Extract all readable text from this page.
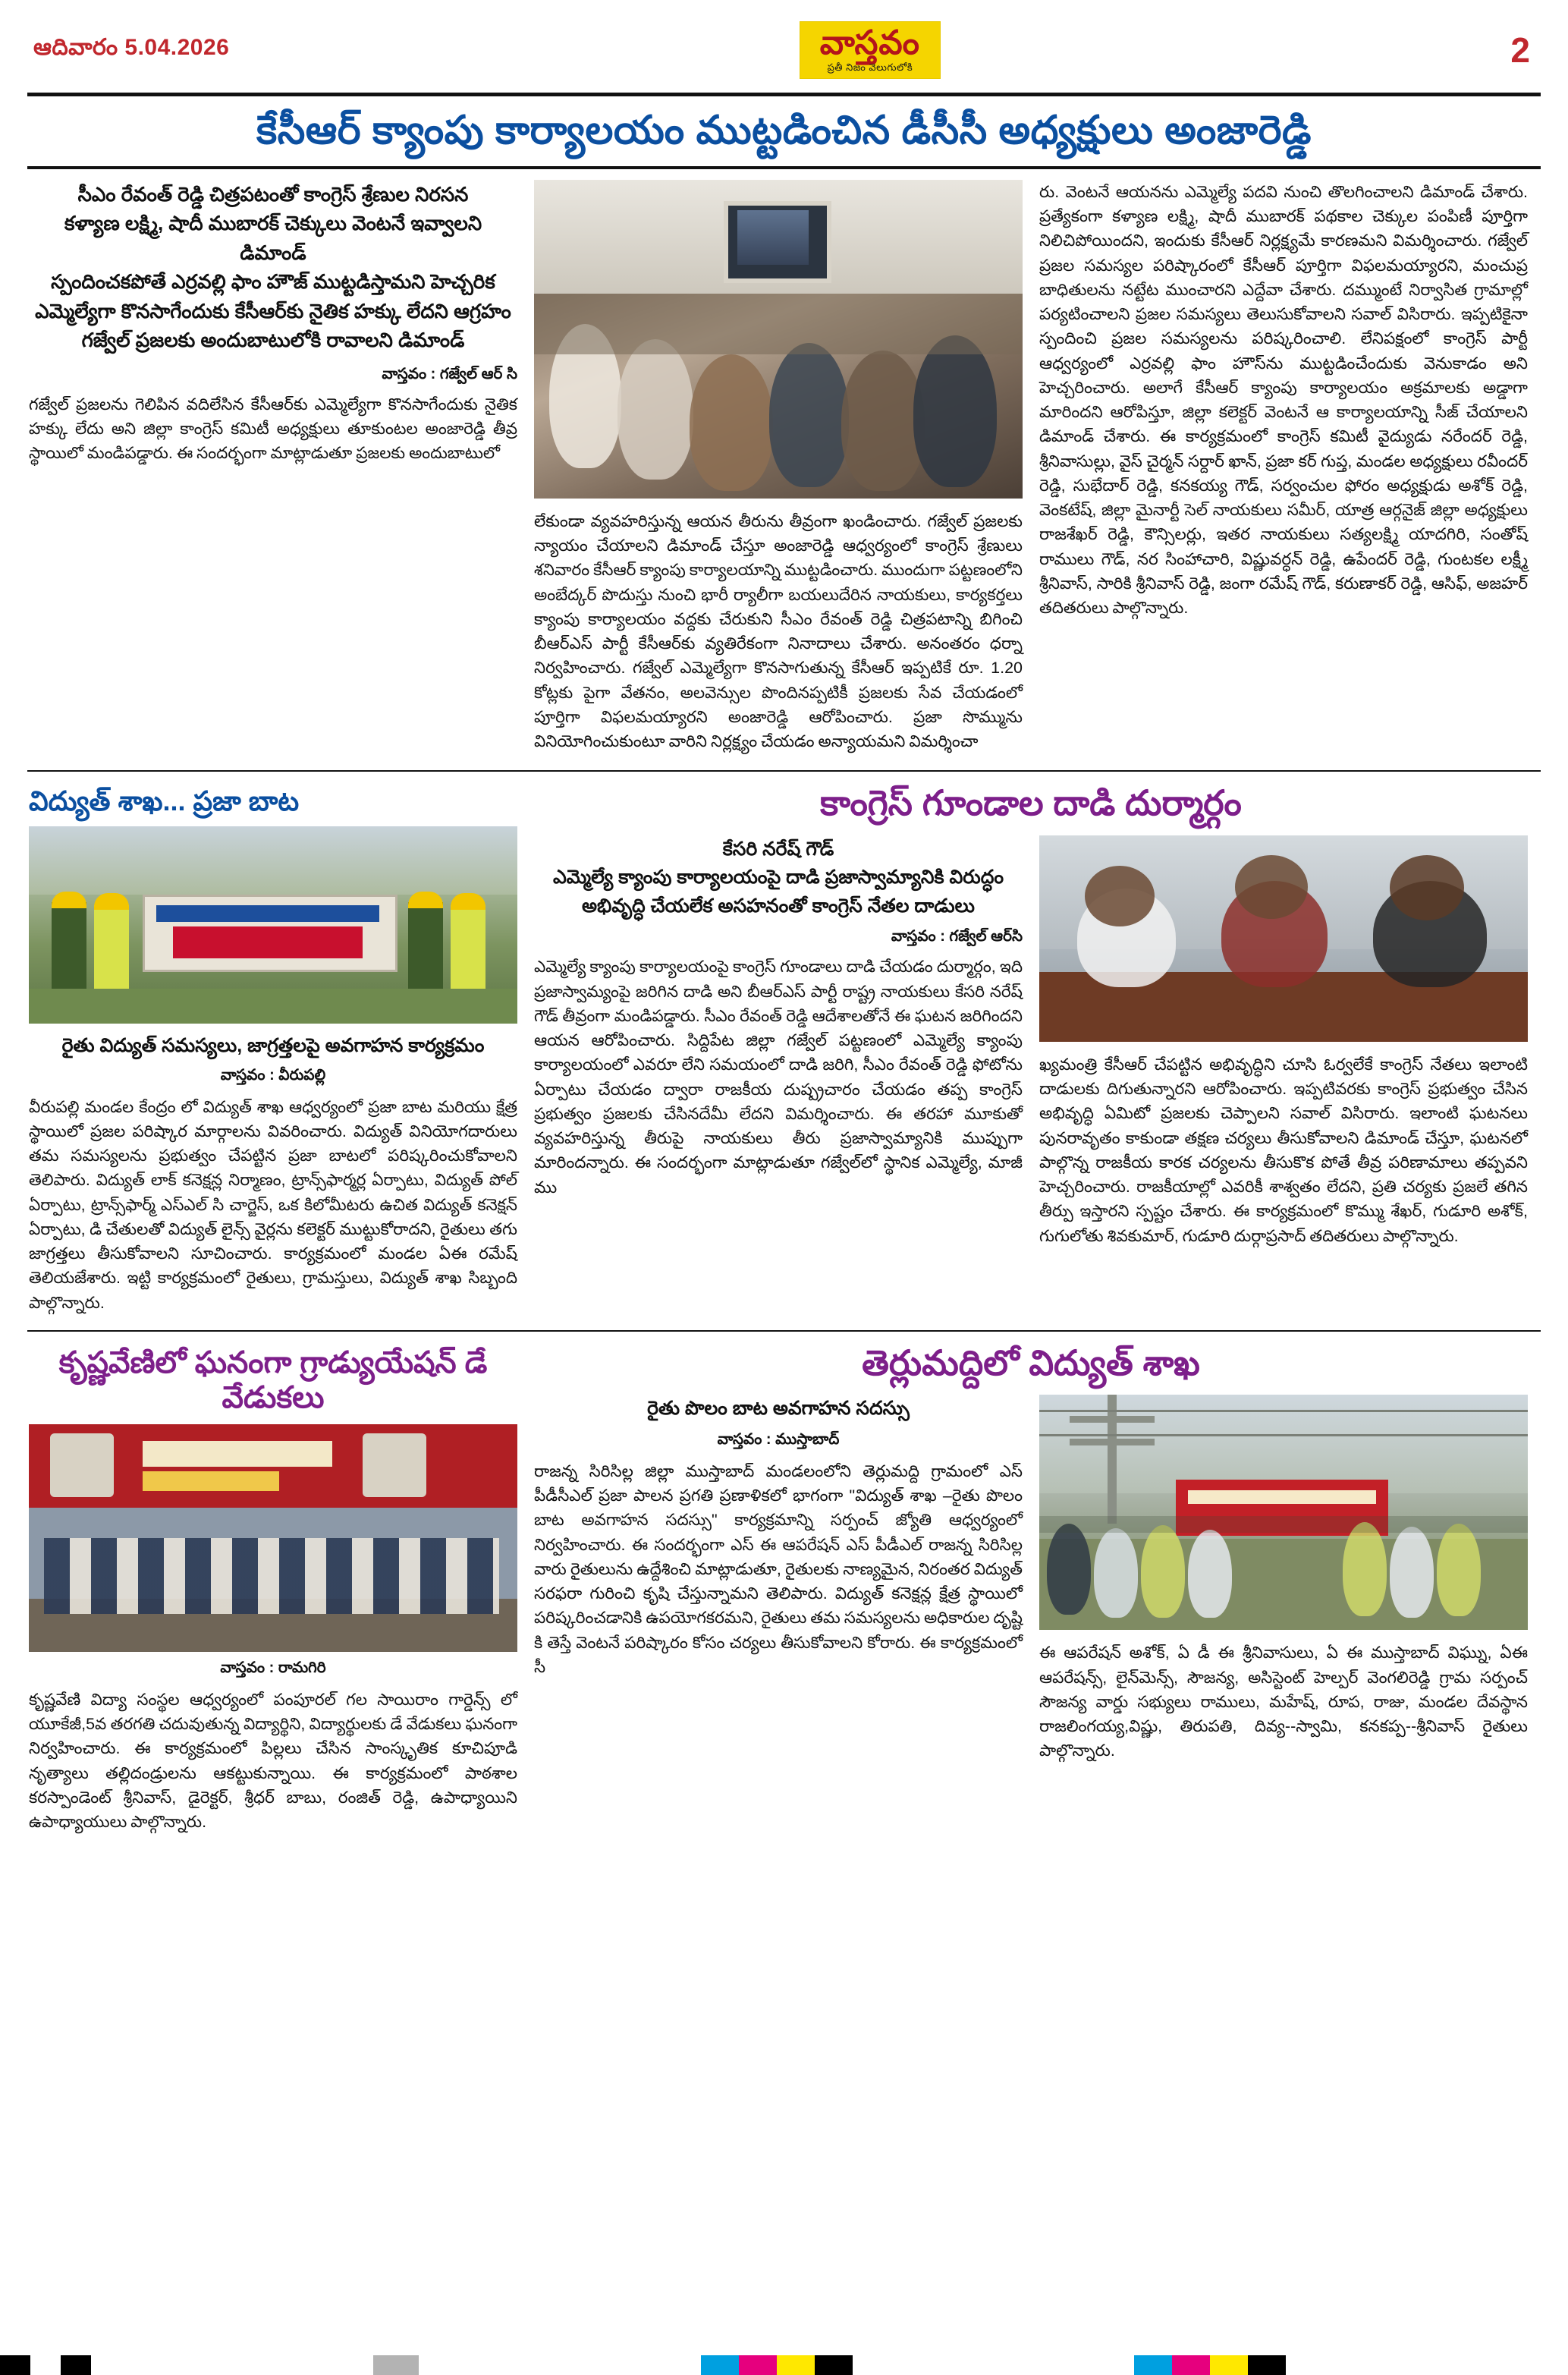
ఆదివారం 5.04.2026	వాస్తవం
ప్రతీ నిజం వెలుగులోకి	2
కేసీఆర్ క్యాంపు కార్యాలయం ముట్టడించిన డీసీసీ అధ్యక్షులు అంజారెడ్డి
సీఎం రేవంత్ రెడ్డి చిత్రపటంతో కాంగ్రెస్ శ్రేణుల నిరసన
కళ్యాణ లక్ష్మి, షాదీ ముబారక్ చెక్కులు వెంటనే ఇవ్వాలని డిమాండ్
స్పందించకపోతే ఎర్రవల్లి ఫాం హౌజ్ ముట్టడిస్తామని హెచ్చరిక
ఎమ్మెల్యేగా కొనసాగేందుకు కేసీఆర్‌కు నైతిక హక్కు లేదని ఆగ్రహం
గజ్వేల్ ప్రజలకు అందుబాటులోకి రావాలని డిమాండ్
వాస్తవం : గజ్వేల్ ఆర్ సి
గజ్వేల్ ప్రజలను గెలిపిన వదిలేసిన కేసీఆర్‌కు ఎమ్మెల్యేగా కొనసాగేందుకు నైతిక హక్కు లేదు అని జిల్లా కాంగ్రెస్ కమిటీ అధ్యక్షులు తూకుంటల అంజారెడ్డి తీవ్ర స్థాయిలో మండిపడ్డారు. ఈ సందర్భంగా మాట్లాడుతూ ప్రజలకు అందుబాటులో
లేకుండా వ్యవహరిస్తున్న ఆయన తీరును తీవ్రంగా ఖండించారు. గజ్వేల్ ప్రజలకు న్యాయం చేయాలని డిమాండ్ చేస్తూ అంజారెడ్డి ఆధ్వర్యంలో కాంగ్రెస్ శ్రేణులు శనివారం కేసీఆర్ క్యాంపు కార్యాలయాన్ని ముట్టడించారు. ముందుగా పట్టణంలోని అంబేద్కర్ పొదుస్తు నుంచి భారీ ర్యాలీగా బయలుదేరిన నాయకులు, కార్యకర్తలు క్యాంపు కార్యాలయం వద్దకు చేరుకుని సీఎం రేవంత్ రెడ్డి చిత్రపటాన్ని బిగించి బీఆర్ఎస్ పార్టీ కేసీఆర్‌కు వ్యతిరేకంగా నినాదాలు చేశారు. అనంతరం ధర్నా నిర్వహించారు. గజ్వేల్ ఎమ్మెల్యేగా కొనసాగుతున్న కేసీఆర్ ఇప్పటికే రూ. 1.20 కోట్లకు పైగా వేతనం, అలవెన్సుల పొందినప్పటికీ ప్రజలకు సేవ చేయడంలో పూర్తిగా విఫలమయ్యారని అంజారెడ్డి ఆరోపించారు. ప్రజా సొమ్మును వినియోగించుకుంటూ వారిని నిర్లక్ష్యం చేయడం అన్యాయమని విమర్శించా
రు. వెంటనే ఆయనను ఎమ్మెల్యే పదవి నుంచి తొలగించాలని డిమాండ్ చేశారు. ప్రత్యేకంగా కళ్యాణ లక్ష్మి, షాదీ ముబారక్ పథకాల చెక్కుల పంపిణీ పూర్తిగా నిలిచిపోయిందని, ఇందుకు కేసీఆర్ నిర్లక్ష్యమే కారణమని విమర్శించారు. గజ్వేల్ ప్రజల సమస్యల పరిష్కారంలో కేసీఆర్ పూర్తిగా విఫలమయ్యారని, మంచుప్ర బాధితులను నట్టేట ముంచారని ఎద్దేవా చేశారు. దమ్ముంటే నిర్వాసిత గ్రామాల్లో పర్యటించాలని ప్రజల సమస్యలు తెలుసుకోవాలని సవాల్ విసిరారు. ఇప్పటికైనా స్పందించి ప్రజల సమస్యలను పరిష్కరించాలి. లేనిపక్షంలో కాంగ్రెస్ పార్టీ ఆధ్వర్యంలో ఎర్రవల్లి ఫాం హౌస్‌ను ముట్టడించేందుకు వెనుకాడం అని హెచ్చరించారు. అలాగే కేసీఆర్ క్యాంపు కార్యాలయం అక్రమాలకు అడ్డాగా మారిందని ఆరోపిస్తూ, జిల్లా కలెక్టర్ వెంటనే ఆ కార్యాలయాన్ని సీజ్ చేయాలని డిమాండ్ చేశారు. ఈ కార్యక్రమంలో కాంగ్రెస్ కమిటీ వైద్యుడు నరేందర్ రెడ్డి, శ్రీనివాసుల్లు, వైస్ చైర్మన్ సర్దార్ ఖాన్, ప్రజా కర్ గుప్త, మండల అధ్యక్షులు రవీందర్ రెడ్డి, సుభేదార్ రెడ్డి, కనకయ్య గౌడ్, సర్వంచుల ఫోరం అధ్యక్షుడు అశోక్ రెడ్డి, వెంకటేష్, జిల్లా మైనార్టీ సెల్ నాయకులు సమీర్, యాత్ర ఆర్గనైజ్ జిల్లా అధ్యక్షులు రాజశేఖర్ రెడ్డి, కౌన్సిలర్లు, ఇతర నాయకులు సత్యలక్ష్మి యాదగిరి, సంతోష్ రాములు గౌడ్, నర సింహాచారి, విష్ణువర్ధన్ రెడ్డి, ఉపేందర్ రెడ్డి, గుంటకల లక్ష్మీ శ్రీనివాస్, సారికి శ్రీనివాస్ రెడ్డి, జంగా రమేష్ గౌడ్, కరుణాకర్ రెడ్డి, ఆసిఫ్, అజహర్ తదితరులు పాల్గొన్నారు.
విద్యుత్ శాఖ... ప్రజా బాట
రైతు విద్యుత్ సమస్యలు, జాగ్రత్తలపై అవగాహన కార్యక్రమం
వాస్తవం : వీరుపల్లి
వీరుపల్లి మండల కేంద్రం లో విద్యుత్ శాఖ ఆధ్వర్యంలో ప్రజా బాట మరియు క్షేత్ర స్థాయిలో ప్రజల పరిష్కార మార్గాలను వివరించారు. విద్యుత్ వినియోగదారులు తమ సమస్యలను ప్రభుత్వం చేపట్టిన ప్రజా బాటలో పరిష్కరించుకోవాలని తెలిపారు. విద్యుత్ లాక్ కనెక్షన్ల నిర్మాణం, ట్రాన్స్‌ఫార్మర్ల ఏర్పాటు, విద్యుత్ పోల్ ఏర్పాటు, ట్రాన్స్‌ఫార్మ్ ఎస్ఎల్ సి చార్జెస్, ఒక కిలోమీటరు ఉచిత విద్యుత్ కనెక్షన్ ఏర్పాటు, డి చేతులతో విద్యుత్ లైన్స్ వైర్లను కలెక్టర్ ముట్టుకోరాదని, రైతులు తగు జాగ్రత్తలు తీసుకోవాలని సూచించారు. కార్యక్రమంలో మండల ఏఈ రమేష్ తెలియజేశారు. ఇట్టి కార్యక్రమంలో రైతులు, గ్రామస్తులు, విద్యుత్ శాఖ సిబ్బంది పాల్గొన్నారు.
కాంగ్రెస్ గూండాల దాడి దుర్మార్గం
కేసరి నరేష్ గౌడ్
ఎమ్మెల్యే క్యాంపు కార్యాలయంపై దాడి ప్రజాస్వామ్యానికి విరుద్ధం
అభివృద్ధి చేయలేక అసహనంతో కాంగ్రెస్ నేతల దాడులు
వాస్తవం : గజ్వేల్ ఆర్‌సి
ఎమ్మెల్యే క్యాంపు కార్యాలయంపై కాంగ్రెస్ గూండాలు దాడి చేయడం దుర్మార్గం, ఇది ప్రజాస్వామ్యంపై జరిగిన దాడి అని బీఆర్ఎస్ పార్టీ రాష్ట్ర నాయకులు కేసరి నరేష్ గౌడ్ తీవ్రంగా మండిపడ్డారు. సీఎం రేవంత్ రెడ్డి ఆదేశాలతోనే ఈ ఘటన జరిగిందని ఆయన ఆరోపించారు. సిద్దిపేట జిల్లా గజ్వేల్ పట్టణంలో ఎమ్మెల్యే క్యాంపు కార్యాలయంలో ఎవరూ లేని సమయంలో దాడి జరిగి, సీఎం రేవంత్ రెడ్డి ఫోటోను ఏర్పాటు చేయడం ద్వారా రాజకీయ దుష్ప్రచారం చేయడం తప్ప కాంగ్రెస్ ప్రభుత్వం ప్రజలకు చేసినదేమీ లేదని విమర్శించారు. ఈ తరహా మూకుతో వ్యవహరిస్తున్న తీరుపై నాయకులు తీరు ప్రజాస్వామ్యానికి ముప్పుగా మారిందన్నారు. ఈ సందర్భంగా మాట్లాడుతూ గజ్వేల్‌లో స్థానిక ఎమ్మెల్యే, మాజీ ము
ఖ్యమంత్రి కేసీఆర్ చేపట్టిన అభివృద్ధిని చూసి ఓర్వలేకే కాంగ్రెస్ నేతలు ఇలాంటి దాడులకు దిగుతున్నారని ఆరోపించారు. ఇప్పటివరకు కాంగ్రెస్ ప్రభుత్వం చేసిన అభివృద్ధి ఏమిటో ప్రజలకు చెప్పాలని సవాల్ విసిరారు. ఇలాంటి ఘటనలు పునరావృతం కాకుండా తక్షణ చర్యలు తీసుకోవాలని డిమాండ్ చేస్తూ, ఘటనలో పాల్గొన్న రాజకీయ కారక చర్యలను తీసుకొక పోతే తీవ్ర పరిణామాలు తప్పవని హెచ్చరించారు. రాజకీయాల్లో ఎవరికీ శాశ్వతం లేదని, ప్రతి చర్యకు ప్రజలే తగిన తీర్పు ఇస్తారని స్పష్టం చేశారు. ఈ కార్యక్రమంలో కొమ్ము శేఖర్, గుడూరి అశోక్, గుగులోతు శివకుమార్, గుడూరి దుర్గాప్రసాద్ తదితరులు పాల్గొన్నారు.
కృష్ణవేణిలో ఘనంగా గ్రాడ్యుయేషన్ డే వేడుకలు
వాస్తవం : రామగిరి
కృష్ణవేణి విద్యా సంస్థల ఆధ్వర్యంలో పంపూరల్ గల సాయిరాం గార్డెన్స్ లో యూకేజీ,5వ తరగతి చదువుతున్న విద్యార్థిని, విద్యార్థులకు డే వేడుకలు ఘనంగా నిర్వహించారు. ఈ కార్యక్రమంలో పిల్లలు చేసిన సాంస్కృతిక కూచిపూడి నృత్యాలు తల్లిదండ్రులను ఆకట్టుకున్నాయి. ఈ కార్యక్రమంలో పాఠశాల కరస్పాండెంట్ శ్రీనివాస్, డైరెక్టర్, శ్రీధర్ బాబు, రంజిత్ రెడ్డి, ఉపాధ్యాయిని ఉపాధ్యాయులు పాల్గొన్నారు.
తెర్లుమద్దిలో విద్యుత్ శాఖ
రైతు పొలం బాట అవగాహన సదస్సు
వాస్తవం : ముస్తాబాద్
రాజన్న సిరిసిల్ల జిల్లా ముస్తాబాద్ మండలంలోని తెర్లుమద్ది గ్రామంలో ఎస్ పీడీసీఎల్ ప్రజా పాలన ప్రగతి ప్రణాళికలో భాగంగా "విద్యుత్ శాఖ –రైతు పొలం బాట అవగాహన సదస్సు" కార్యక్రమాన్ని సర్పంచ్ జ్యోతి ఆధ్వర్యంలో నిర్వహించారు. ఈ సందర్భంగా ఎస్ ఈ ఆపరేషన్ ఎస్ పీడీఎల్ రాజన్న సిరిసిల్ల వారు రైతులును ఉద్దేశించి మాట్లాడుతూ, రైతులకు నాణ్యమైన, నిరంతర విద్యుత్ సరఫరా గురించి కృషి చేస్తున్నామని తెలిపారు. విద్యుత్ కనెక్షన్ల క్షేత్ర స్థాయిలో పరిష్కరించడానికి ఉపయోగకరమని, రైతులు తమ సమస్యలను అధికారుల దృష్టి కి తెస్తే వెంటనే పరిష్కారం కోసం చర్యలు తీసుకోవాలని కోరారు. ఈ కార్యక్రమంలో సీ
ఈ ఆపరేషన్ అశోక్, ఏ డీ ఈ శ్రీనివాసులు, ఏ ఈ ముస్తాబాద్ విఘ్ను, ఏఈ ఆపరేషన్స్, లైన్‌మెన్స్, సౌజన్య, అసిస్టెంట్ హెల్పర్ వెంగలిరెడ్డి గ్రామ సర్పంచ్ సౌజన్య వార్డు సభ్యులు రాములు, మహేష్, రూప, రాజు, మండల దేవస్థాన రాజలింగయ్య,విష్ణు, తిరుపతి, దివ్య--స్వామి, కనకప్ప--శ్రీనివాస్ రైతులు పాల్గొన్నారు.
